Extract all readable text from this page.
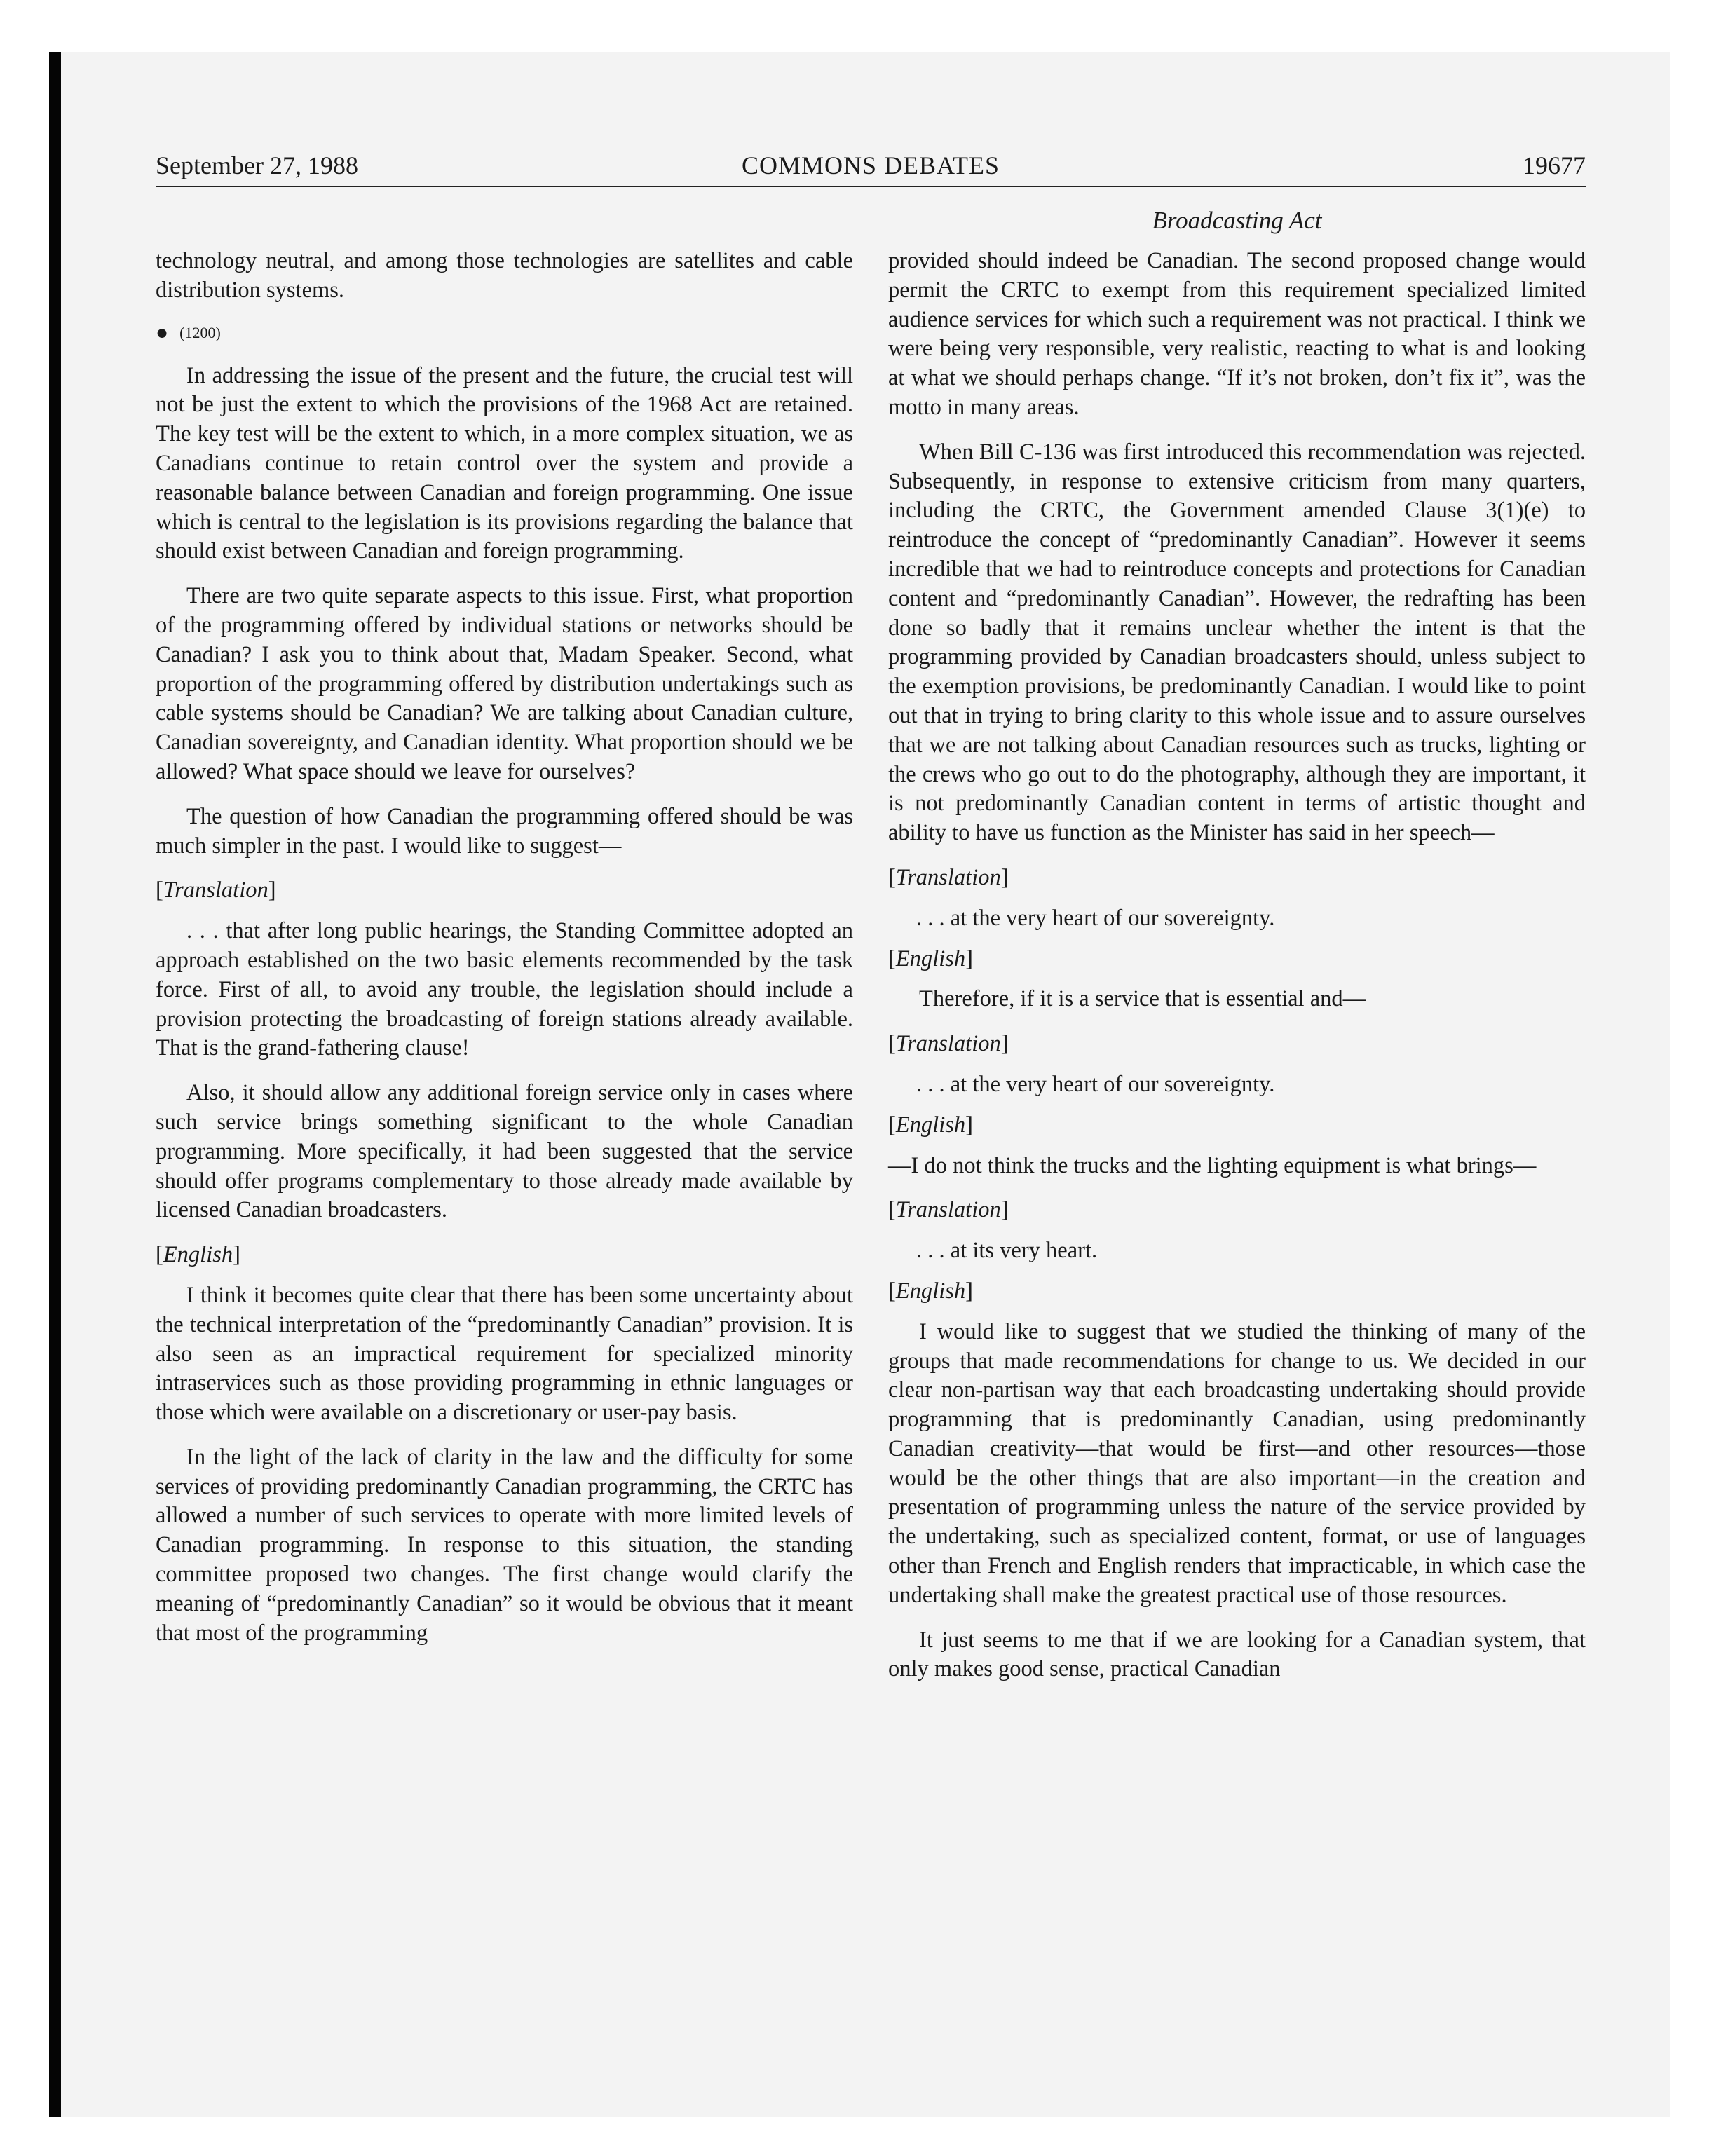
COMMONS DEBATES
September 27, 1988	19677
Broadcasting Act

technology neutral, and among those technologies are satellites and cable distribution systems.

● (1200)

In addressing the issue of the present and the future, the crucial test will not be just the extent to which the provisions of the 1968 Act are retained. The key test will be the extent to which, in a more complex situation, we as Canadians continue to retain control over the system and provide a reasonable balance between Canadian and foreign programming. One issue which is central to the legislation is its provisions regarding the balance that should exist between Canadian and foreign programming.

There are two quite separate aspects to this issue. First, what proportion of the programming offered by individual stations or networks should be Canadian? I ask you to think about that, Madam Speaker. Second, what proportion of the programming offered by distribution undertakings such as cable systems should be Canadian? We are talking about Canadian culture, Canadian sovereignty, and Canadian identity. What proportion should we be allowed? What space should we leave for ourselves?

The question of how Canadian the programming offered should be was much simpler in the past. I would like to suggest—

[Translation]

. . . that after long public hearings, the Standing Committee adopted an approach established on the two basic elements recommended by the task force. First of all, to avoid any trouble, the legislation should include a provision protecting the broadcasting of foreign stations already available. That is the grand-fathering clause!

Also, it should allow any additional foreign service only in cases where such service brings something significant to the whole Canadian programming. More specifically, it had been suggested that the service should offer programs complementary to those already made available by licensed Canadian broadcasters.

[English]

I think it becomes quite clear that there has been some uncertainty about the technical interpretation of the “predominantly Canadian” provision. It is also seen as an impractical requirement for specialized minority intraservices such as those providing programming in ethnic languages or those which were available on a discretionary or user-pay basis.

In the light of the lack of clarity in the law and the difficulty for some services of providing predominantly Canadian programming, the CRTC has allowed a number of such services to operate with more limited levels of Canadian programming. In response to this situation, the standing committee proposed two changes. The first change would clarify the meaning of “predominantly Canadian” so it would be obvious that it meant that most of the programming

provided should indeed be Canadian. The second proposed change would permit the CRTC to exempt from this requirement specialized limited audience services for which such a requirement was not practical. I think we were being very responsible, very realistic, reacting to what is and looking at what we should perhaps change. “If it’s not broken, don’t fix it”, was the motto in many areas.

When Bill C-136 was first introduced this recommendation was rejected. Subsequently, in response to extensive criticism from many quarters, including the CRTC, the Government amended Clause 3(1)(e) to reintroduce the concept of “predominantly Canadian”. However it seems incredible that we had to reintroduce concepts and protections for Canadian content and “predominantly Canadian”. However, the redrafting has been done so badly that it remains unclear whether the intent is that the programming provided by Canadian broadcasters should, unless subject to the exemption provisions, be predominantly Canadian. I would like to point out that in trying to bring clarity to this whole issue and to assure ourselves that we are not talking about Canadian resources such as trucks, lighting or the crews who go out to do the photography, although they are important, it is not predominantly Canadian content in terms of artistic thought and ability to have us function as the Minister has said in her speech—

[Translation]

. . . at the very heart of our sovereignty.

[English]

Therefore, if it is a service that is essential and—

[Translation]

. . . at the very heart of our sovereignty.

[English]

—I do not think the trucks and the lighting equipment is what brings—

[Translation]

. . . at its very heart.

[English]

I would like to suggest that we studied the thinking of many of the groups that made recommendations for change to us. We decided in our clear non-partisan way that each broadcasting undertaking should provide programming that is predominantly Canadian, using predominantly Canadian creativity—that would be first—and other resources—those would be the other things that are also important—in the creation and presentation of programming unless the nature of the service provided by the undertaking, such as specialized content, format, or use of languages other than French and English renders that impracticable, in which case the undertaking shall make the greatest practical use of those resources.

It just seems to me that if we are looking for a Canadian system, that only makes good sense, practical Canadian
